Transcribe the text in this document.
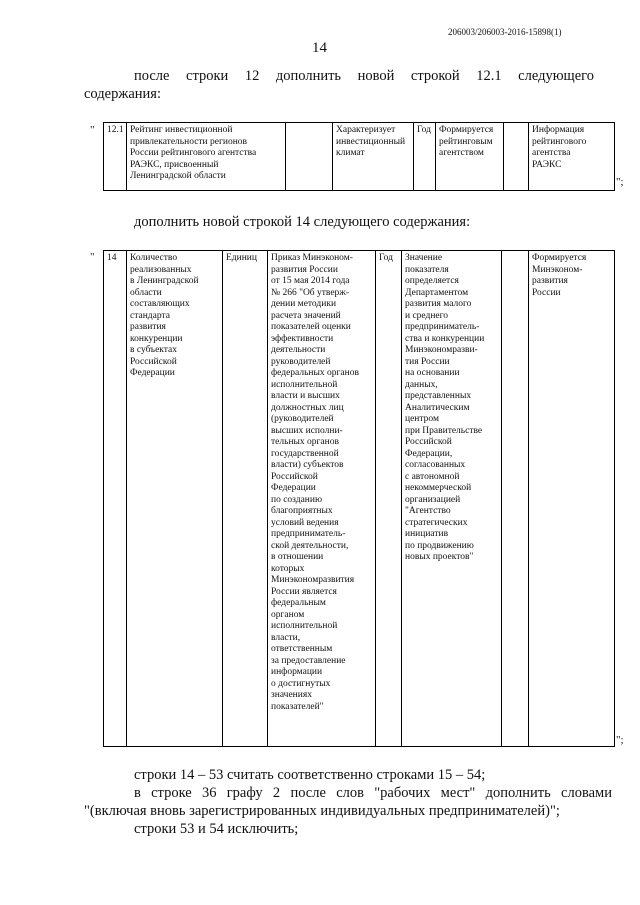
206003/206003-2016-15898(1)
14
после строки 12 дополнить новой строкой 12.1 следующего
содержания:
" 12.1	Рейтинг инвестиционной
привлекательности регионов
России рейтингового агентства
РАЭКС, присвоенный
Ленинградской области		Характеризует
инвестиционный
климат	Год	Формируется
рейтинговым
агентством		Информация
рейтингового
агентства
РАЭКС
";
дополнить новой строкой 14 следующего содержания:
" 14	Количество
реализованных
в Ленинградской
области
составляющих
стандарта
развития
конкуренции
в субъектах
Российской
Федерации	Единиц	Приказ Минэконом-
развития России
от 15 мая 2014 года
№ 266 "Об утверж-
дении методики
расчета значений
показателей оценки
эффективности
деятельности
руководителей
федеральных органов
исполнительной
власти и высших
должностных лиц
(руководителей
высших исполни-
тельных органов
государственной
власти) субъектов
Российской
Федерации
по созданию
благоприятных
условий ведения
предприниматель-
ской деятельности,
в отношении
которых
Минэкономразвития
России является
федеральным
органом
исполнительной
власти,
ответственным
за предоставление
информации
о достигнутых
значениях
показателей"	Год	Значение
показателя
определяется
Департаментом
развития малого
и среднего
предприниматель-
ства и конкуренции
Минэкономразви-
тия России
на основании
данных,
представленных
Аналитическим
центром
при Правительстве
Российской
Федерации,
согласованных
с автономной
некоммерческой
организацией
"Агентство
стратегических
инициатив
по продвижению
новых проектов"		Формируется
Минэконом-
развития
России
";
строки 14 – 53 считать соответственно строками 15 – 54;
в строке 36 графу 2 после слов "рабочих мест" дополнить словами
"(включая вновь зарегистрированных индивидуальных предпринимателей)";
строки 53 и 54 исключить;
